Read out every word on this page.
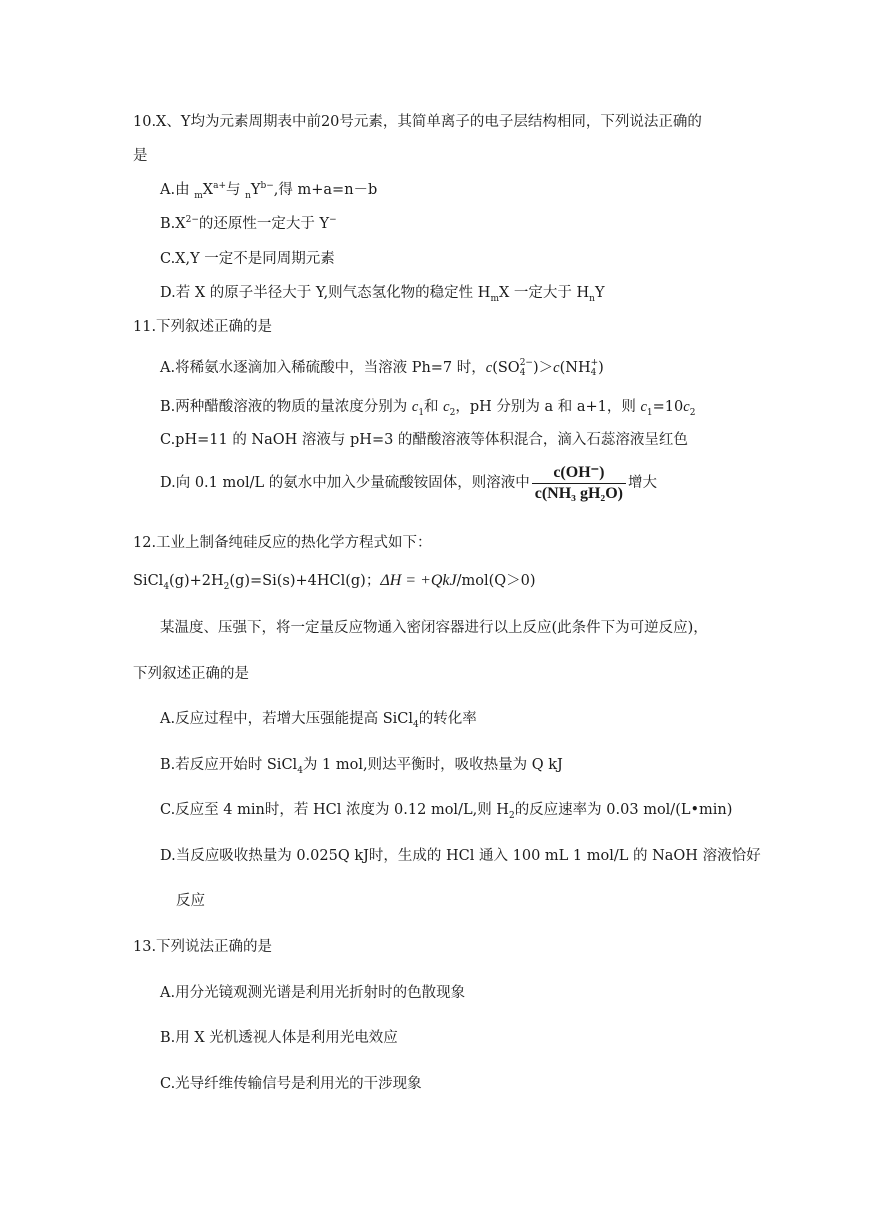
10.X、Y均为元素周期表中前20号元素，其简单离子的电子层结构相同，下列说法正确的
是
A.由 $_mX^{a+}$与 $_nY^{b-}$,得 m+a=n－b
$B.X^{2-}$的还原性一定大于 Y−
C.X,Y 一定不是同周期元素
D.若 X 的原子半径大于 Y,则气态氢化物的稳定性 $H_mX$ 一定大于 $H_nY$
11.下列叙述正确的是
A.将稀氨水逐滴加入稀硫酸中，当溶液 Ph=7 时，c(SO 2−
4 )＞c(NH +
4 )
B.两种醋酸溶液的物质的量浓度分别为 $c_1$和 $c_2$，pH 分别为 a 和 a+1，则 $c_1=10c_2$
C.pH=11 的 NaOH 溶液与 pH=3 的醋酸溶液等体积混合，滴入石蕊溶液呈红色
D.向 0.1 mol/L 的氨水中加入少量硫酸铵固体，则溶液中 $\frac{c(OH^-)}{\text{c(NH₃ gH₂O)}}$ 增大
12.工业上制备纯硅反应的热化学方程式如下：
$SiCl_4(g)+2H_2(g)=Si(s)+4HCl(g)$；ΔH = +QkJ/mol(Q＞0)
某温度、压强下，将一定量反应物通入密闭容器进行以上反应(此条件下为可逆反应)，
下列叙述正确的是
A.反应过程中，若增大压强能提高 SiCl$_4$的转化率
B.若反应开始时 SiCl$_4$为 1 mol,则达平衡时，吸收热量为 Q kJ
C.反应至 4 min时，若 HCl 浓度为 0.12 mol/L,则 $H_2$的反应速率为 0.03 mol/(L•min)
D.当反应吸收热量为 0.025Q kJ时，生成的 HCl 通入 100 mL 1 mol/L 的 NaOH 溶液恰好
反应
13.下列说法正确的是
A.用分光镜观测光谱是利用光折射时的色散现象
B.用 X 光机透视人体是利用光电效应
C.光导纤维传输信号是利用光的干涉现象
